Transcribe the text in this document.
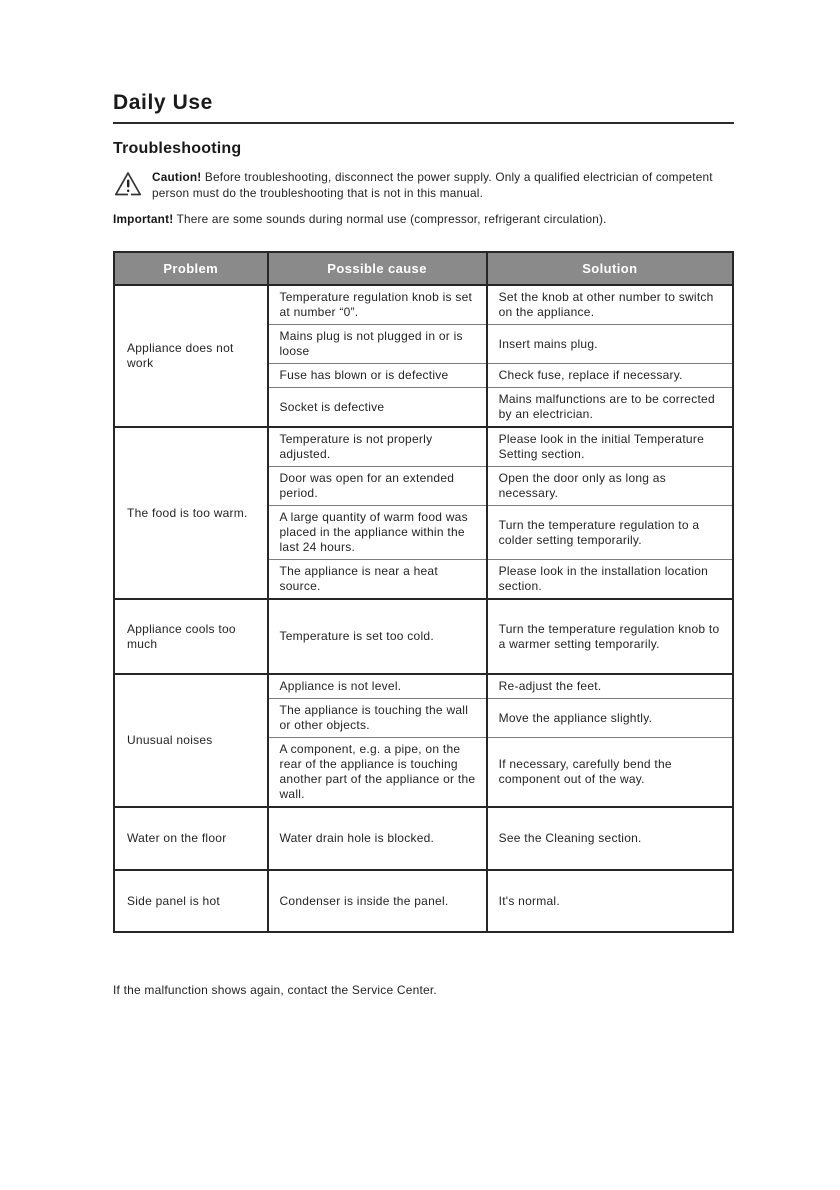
Daily Use
Troubleshooting
Caution! Before troubleshooting, disconnect the power supply. Only a qualified electrician of competent person must do the troubleshooting that is not in this manual.
Important! There are some sounds during normal use (compressor, refrigerant circulation).
Problem	Possible cause	Solution
Appliance does not work	Temperature regulation knob is set at number “0”.	Set the knob at other number to switch on the appliance.
	Mains plug is not plugged in or is loose	Insert mains plug.
	Fuse has blown or is defective	Check fuse, replace if necessary.
	Socket is defective	Mains malfunctions are to be corrected by an electrician.
The food is too warm.	Temperature is not properly adjusted.	Please look in the initial Temperature Setting section.
	Door was open for an extended period.	Open the door only as long as necessary.
	A large quantity of warm food was placed in the appliance within the last 24 hours.	Turn the temperature regulation to a colder setting temporarily.
	The appliance is near a heat source.	Please look in the installation location section.
Appliance cools too much	Temperature is set too cold.	Turn the temperature regulation knob to a warmer setting temporarily.
Unusual noises	Appliance is not level.	Re-adjust the feet.
	The appliance is touching the wall or other objects.	Move the appliance slightly.
	A component, e.g. a pipe, on the rear of the appliance is touching another part of the appliance or the wall.	If necessary, carefully bend the component out of the way.
Water on the floor	Water drain hole is blocked.	See the Cleaning section.
Side panel is hot	Condenser is inside the panel.	It's normal.
If the malfunction shows again, contact the Service Center.
